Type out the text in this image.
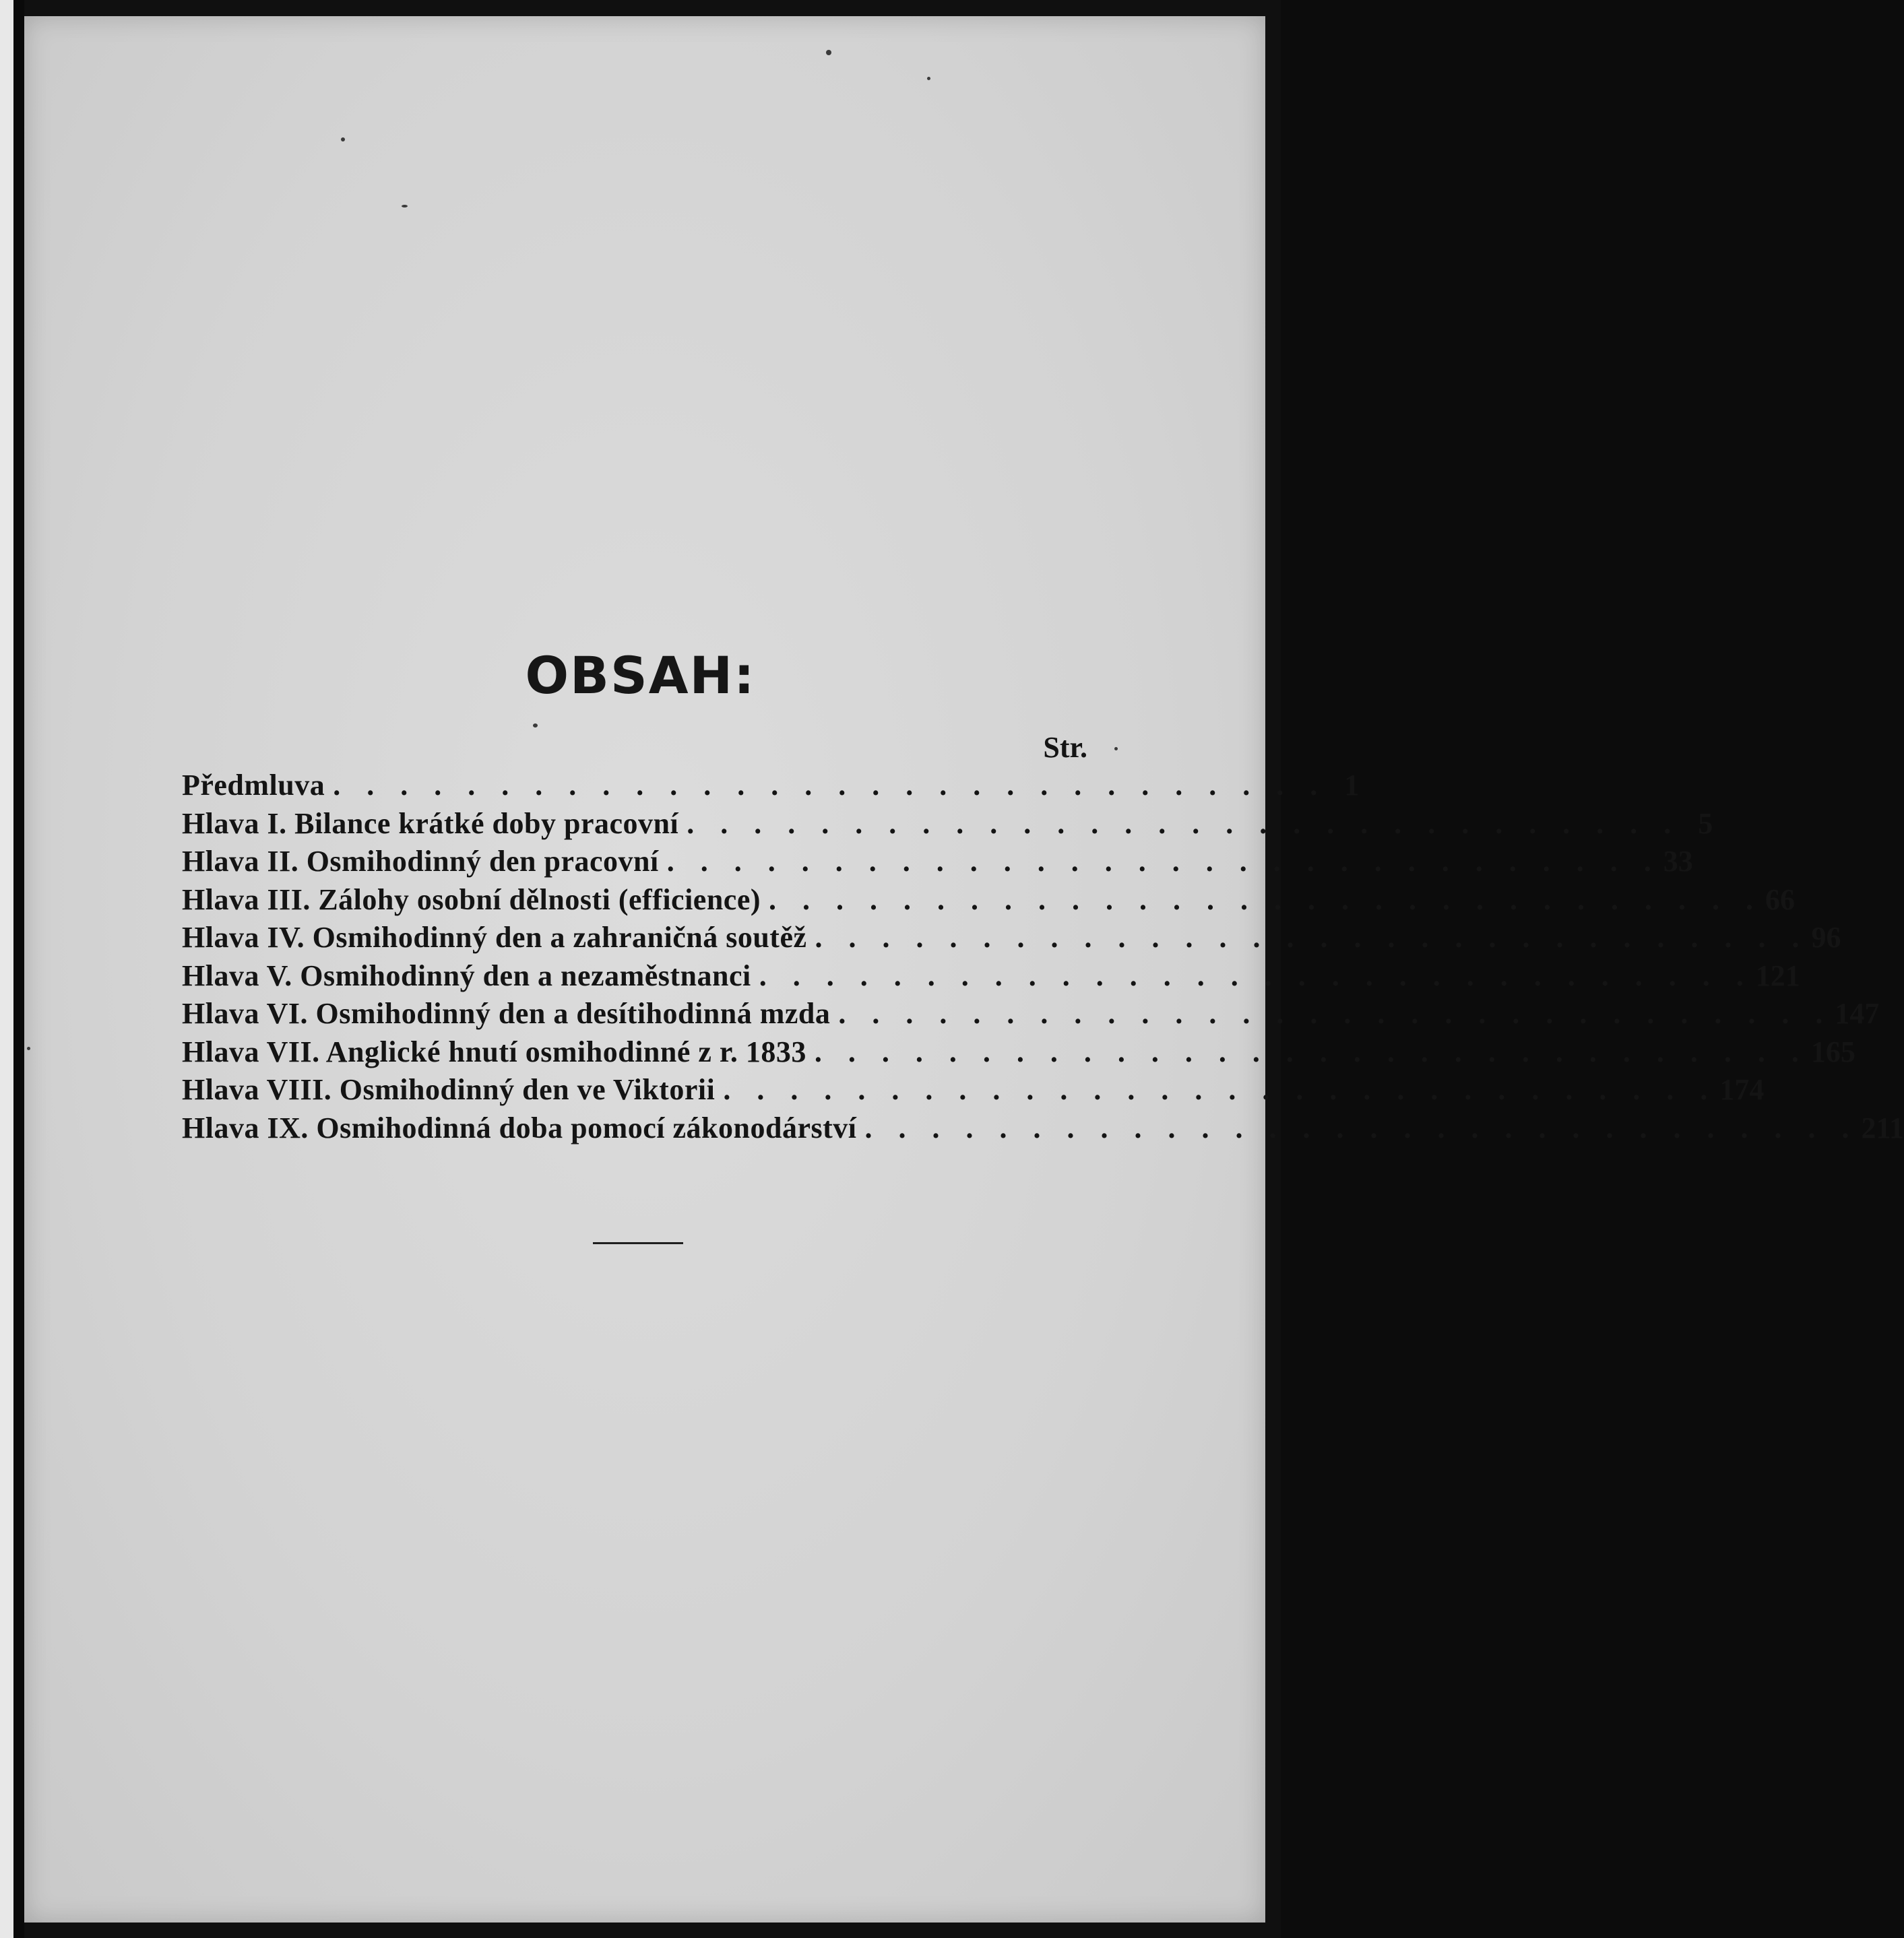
OBSAH:
Str.
Předmluva . . . . . . . . . . . . . . . . . . . . . . . . . . . . . . 1
Hlava I. Bilance krátké doby pracovní . . . . . . . . . . . . . . . . . . . . . . . . . . . . . . 5
Hlava II. Osmihodinný den pracovní . . . . . . . . . . . . . . . . . . . . . . . . . . . . . . 33
Hlava III. Zálohy osobní dělnosti (efficience) . . . . . . . . . . . . . . . . . . . . . . . . . . . . . . 66
Hlava IV. Osmihodinný den a zahraničná soutěž . . . . . . . . . . . . . . . . . . . . . . . . . . . . . . 96
Hlava V. Osmihodinný den a nezaměstnanci . . . . . . . . . . . . . . . . . . . . . . . . . . . . . . 121
Hlava VI. Osmihodinný den a desítihodinná mzda . . . . . . . . . . . . . . . . . . . . . . . . . . . . . . 147
Hlava VII. Anglické hnutí osmihodinné z r. 1833 . . . . . . . . . . . . . . . . . . . . . . . . . . . . . . 165
Hlava VIII. Osmihodinný den ve Viktorii . . . . . . . . . . . . . . . . . . . . . . . . . . . . . . 174
Hlava IX. Osmihodinná doba pomocí zákonodárství . . . . . . . . . . . . . . . . . . . . . . . . . . . . . . 211
